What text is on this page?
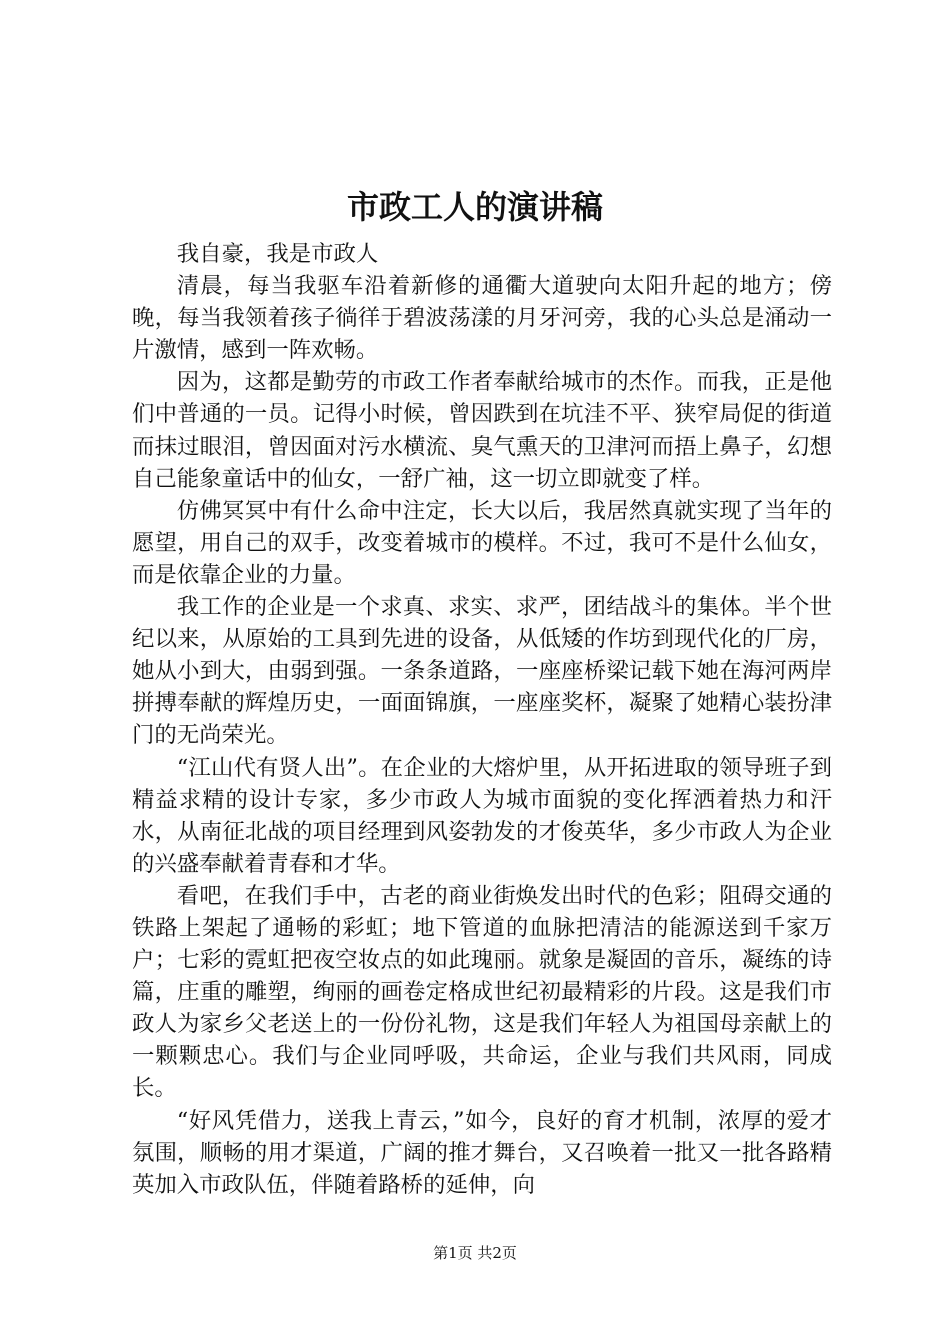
市政工人的演讲稿

我自豪，我是市政人

清晨，每当我驱车沿着新修的通衢大道驶向太阳升起的地方；傍晚，每当我领着孩子徜徉于碧波荡漾的月牙河旁，我的心头总是涌动一片激情，感到一阵欢畅。

因为，这都是勤劳的市政工作者奉献给城市的杰作。而我，正是他们中普通的一员。记得小时候，曾因跌到在坑洼不平、狭窄局促的街道而抹过眼泪，曾因面对污水横流、臭气熏天的卫津河而捂上鼻子，幻想自己能象童话中的仙女，一舒广袖，这一切立即就变了样。

仿佛冥冥中有什么命中注定，长大以后，我居然真就实现了当年的愿望，用自己的双手，改变着城市的模样。不过，我可不是什么仙女，而是依靠企业的力量。

我工作的企业是一个求真、求实、求严，团结战斗的集体。半个世纪以来，从原始的工具到先进的设备，从低矮的作坊到现代化的厂房，她从小到大，由弱到强。一条条道路，一座座桥梁记载下她在海河两岸拼搏奉献的辉煌历史，一面面锦旗，一座座奖杯，凝聚了她精心装扮津门的无尚荣光。

“江山代有贤人出”。在企业的大熔炉里，从开拓进取的领导班子到精益求精的设计专家，多少市政人为城市面貌的变化挥洒着热力和汗水，从南征北战的项目经理到风姿勃发的才俊英华，多少市政人为企业的兴盛奉献着青春和才华。

看吧，在我们手中，古老的商业街焕发出时代的色彩；阻碍交通的铁路上架起了通畅的彩虹；地下管道的血脉把清洁的能源送到千家万户；七彩的霓虹把夜空妆点的如此瑰丽。就象是凝固的音乐，凝练的诗篇，庄重的雕塑，绚丽的画卷定格成世纪初最精彩的片段。这是我们市政人为家乡父老送上的一份份礼物，这是我们年轻人为祖国母亲献上的一颗颗忠心。我们与企业同呼吸，共命运，企业与我们共风雨，同成长。

“好风凭借力，送我上青云，”如今，良好的育才机制，浓厚的爱才氛围，顺畅的用才渠道，广阔的推才舞台，又召唤着一批又一批各路精英加入市政队伍，伴随着路桥的延伸，向

第1页 共2页
